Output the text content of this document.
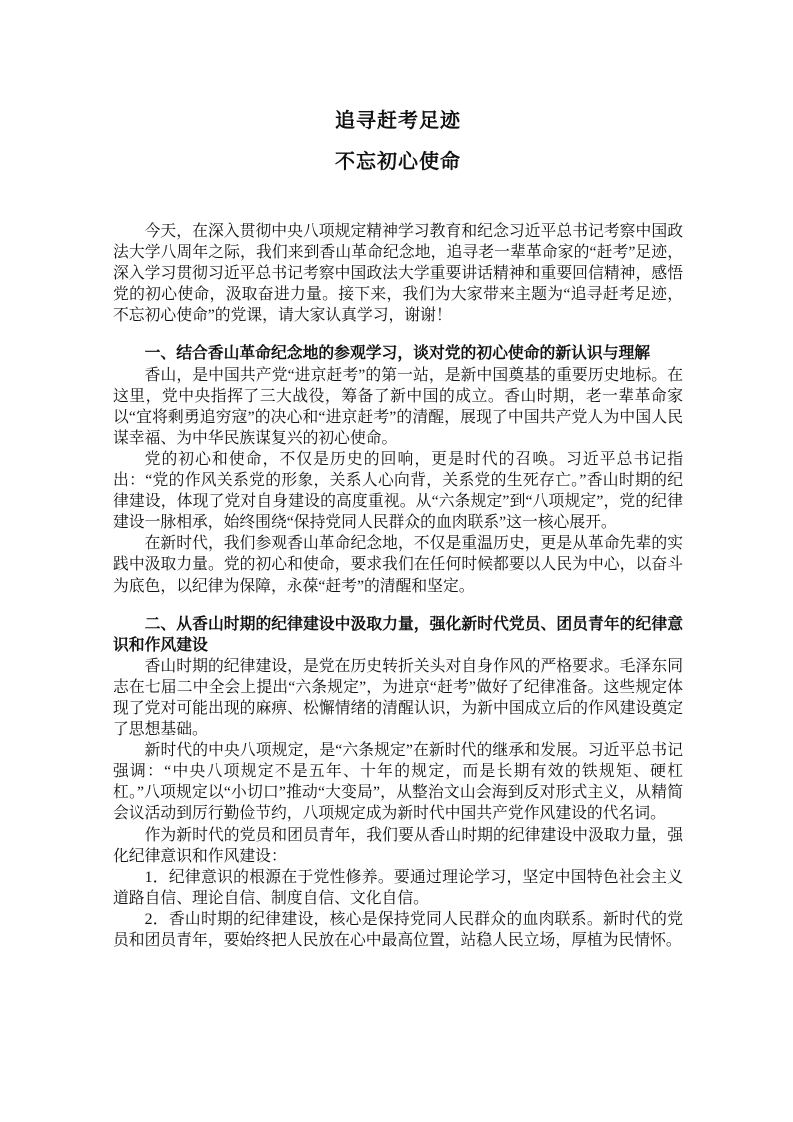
追寻赶考足迹
不忘初心使命

今天，在深入贯彻中央八项规定精神学习教育和纪念习近平总书记考察中国政法大学八周年之际，我们来到香山革命纪念地，追寻老一辈革命家的“赶考”足迹，深入学习贯彻习近平总书记考察中国政法大学重要讲话精神和重要回信精神，感悟党的初心使命，汲取奋进力量。接下来，我们为大家带来主题为“追寻赶考足迹，不忘初心使命”的党课，请大家认真学习，谢谢！

一、结合香山革命纪念地的参观学习，谈对党的初心使命的新认识与理解

香山，是中国共产党“进京赶考”的第一站，是新中国奠基的重要历史地标。在这里，党中央指挥了三大战役，筹备了新中国的成立。香山时期，老一辈革命家以“宜将剩勇追穷寇”的决心和“进京赶考”的清醒，展现了中国共产党人为中国人民谋幸福、为中华民族谋复兴的初心使命。

党的初心和使命，不仅是历史的回响，更是时代的召唤。习近平总书记指出：“党的作风关系党的形象，关系人心向背，关系党的生死存亡。”香山时期的纪律建设，体现了党对自身建设的高度重视。从“六条规定”到“八项规定”，党的纪律建设一脉相承，始终围绕“保持党同人民群众的血肉联系”这一核心展开。

在新时代，我们参观香山革命纪念地，不仅是重温历史，更是从革命先辈的实践中汲取力量。党的初心和使命，要求我们在任何时候都要以人民为中心，以奋斗为底色，以纪律为保障，永葆“赶考”的清醒和坚定。

二、从香山时期的纪律建设中汲取力量，强化新时代党员、团员青年的纪律意识和作风建设

香山时期的纪律建设，是党在历史转折关头对自身作风的严格要求。毛泽东同志在七届二中全会上提出“六条规定”，为进京“赶考”做好了纪律准备。这些规定体现了党对可能出现的麻痹、松懈情绪的清醒认识，为新中国成立后的作风建设奠定了思想基础。

新时代的中央八项规定，是“六条规定”在新时代的继承和发展。习近平总书记强调：“中央八项规定不是五年、十年的规定，而是长期有效的铁规矩、硬杠杠。”八项规定以“小切口”推动“大变局”，从整治文山会海到反对形式主义，从精简会议活动到厉行勤俭节约，八项规定成为新时代中国共产党作风建设的代名词。

作为新时代的党员和团员青年，我们要从香山时期的纪律建设中汲取力量，强化纪律意识和作风建设：

1．纪律意识的根源在于党性修养。要通过理论学习，坚定中国特色社会主义道路自信、理论自信、制度自信、文化自信。

2．香山时期的纪律建设，核心是保持党同人民群众的血肉联系。新时代的党员和团员青年，要始终把人民放在心中最高位置，站稳人民立场，厚植为民情怀。
